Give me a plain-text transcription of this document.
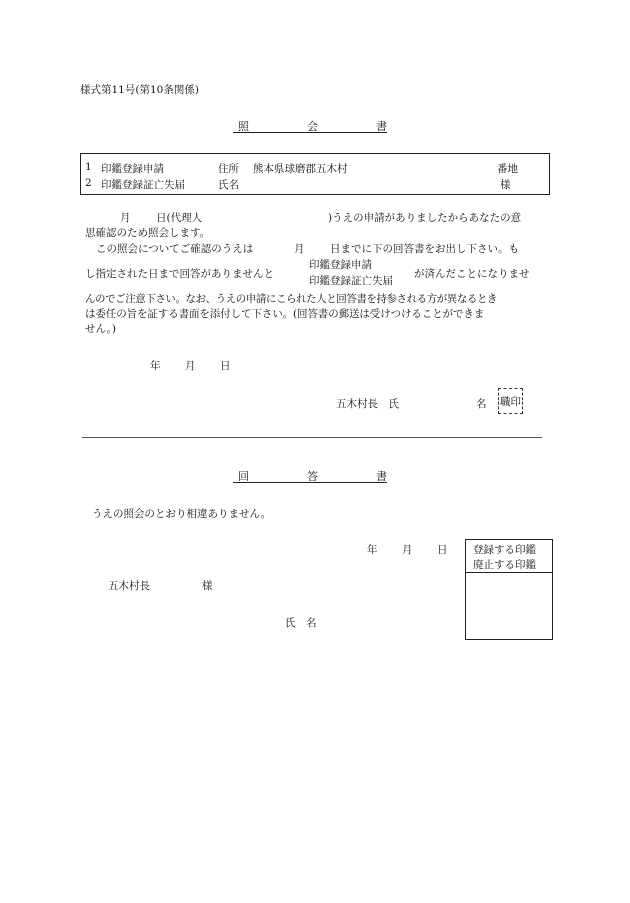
様式第11号(第10条関係)
照	会	書
1 印鑑登録申請	住所 熊本県球磨郡五木村	番地
2 印鑑登録証亡失届	氏名	様
月 日(代理人	)うえの申請がありましたからあなたの意
思確認のため照会します。
この照会についてご確認のうえは	月 日までに下の回答書をお出し下さい。も
し指定された日まで回答がありませんと
印鑑登録申請
印鑑登録証亡失届
が済んだことになりませ
んのでご注意下さい。なお、うえの申請にこられた人と回答書を持参される方が異なるとき
は委任の旨を証する書面を添付して下さい。(回答書の郵送は受けつけることができま
せん。)
年 月 日
五木村長　氏	名 職印
回	答	書
うえの照会のとおり相違ありません。
年 月 日 登録する印鑑
廃止する印鑑
五木村長	様
氏　名
